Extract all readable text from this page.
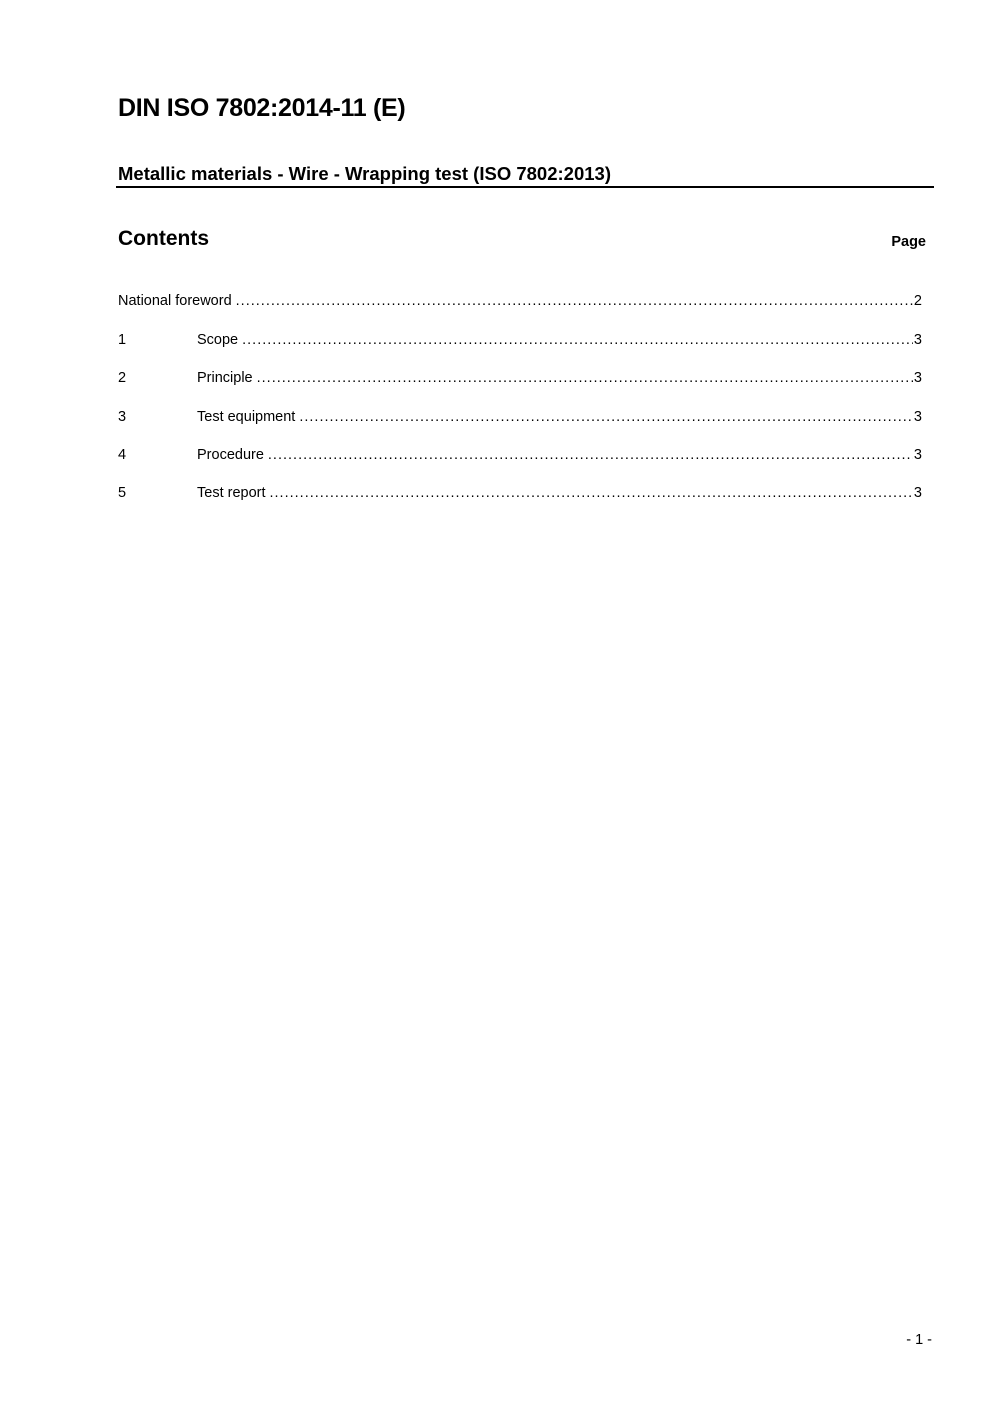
DIN ISO 7802:2014-11 (E)
Metallic materials - Wire - Wrapping test (ISO 7802:2013)
Contents	Page
National foreword .....	2
1	Scope .....	3
2	Principle .....	3
3	Test equipment .....	3
4	Procedure .....	3
5	Test report .....	3
- 1 -
